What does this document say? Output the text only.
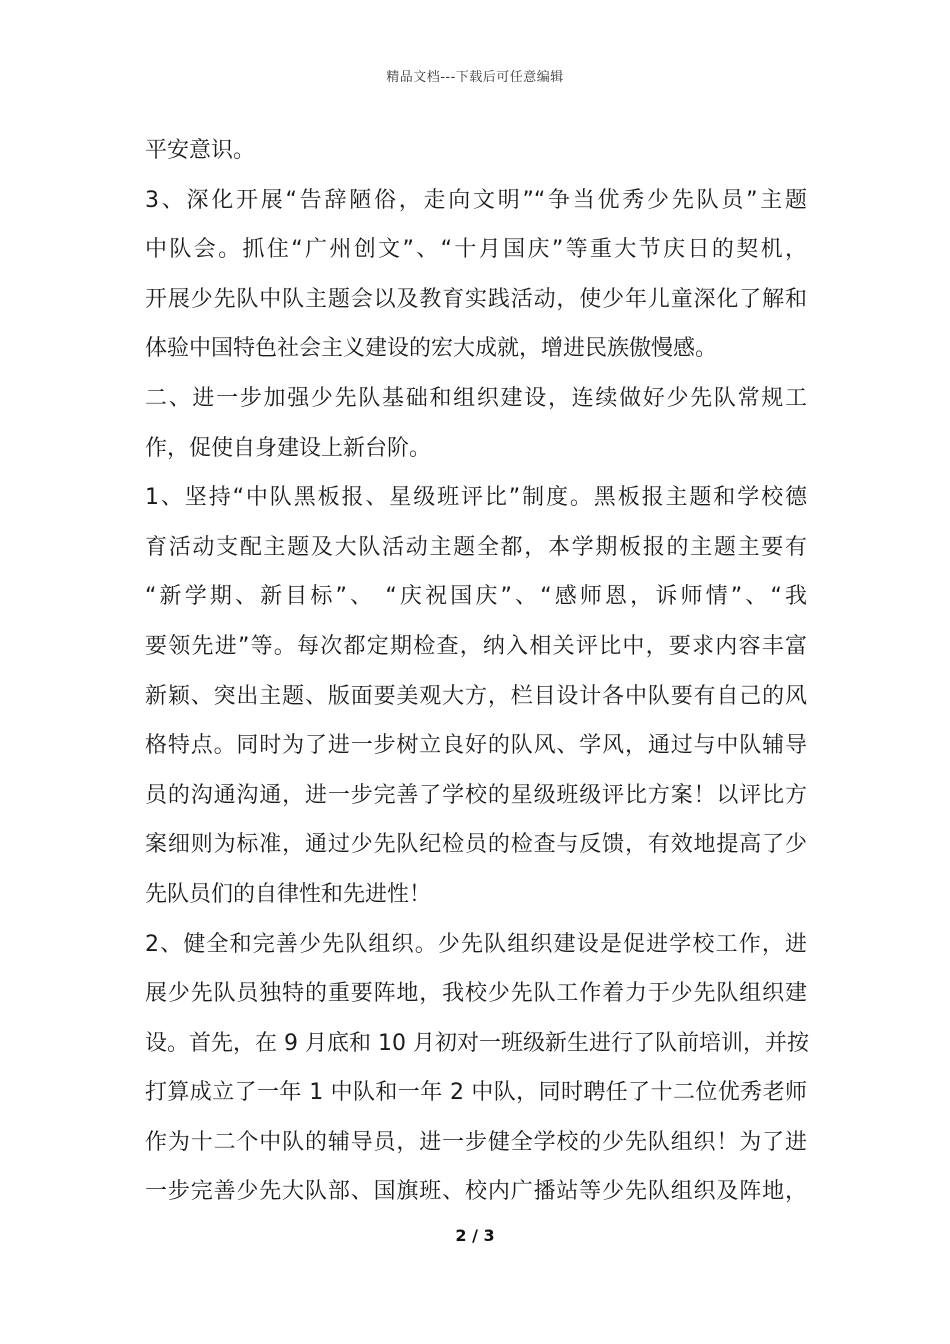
精品文档---下载后可任意编辑
平安意识。
3、深化开展“告辞陋俗，走向文明”“争当优秀少先队员”主题
中队会。抓住“广州创文”、“十月国庆”等重大节庆日的契机，
开展少先队中队主题会以及教育实践活动，使少年儿童深化了解和
体验中国特色社会主义建设的宏大成就，增进民族傲慢感。
二、进一步加强少先队基础和组织建设，连续做好少先队常规工
作，促使自身建设上新台阶。
1、坚持“中队黑板报、星级班评比”制度。黑板报主题和学校德
育活动支配主题及大队活动主题全都，本学期板报的主题主要有
“新学期、新目标”、 “庆祝国庆”、“感师恩，诉师情”、“我
要领先进”等。每次都定期检查，纳入相关评比中，要求内容丰富
新颖、突出主题、版面要美观大方，栏目设计各中队要有自己的风
格特点。同时为了进一步树立良好的队风、学风，通过与中队辅导
员的沟通沟通，进一步完善了学校的星级班级评比方案！以评比方
案细则为标准，通过少先队纪检员的检查与反馈，有效地提高了少
先队员们的自律性和先进性！
2、健全和完善少先队组织。少先队组织建设是促进学校工作，进
展少先队员独特的重要阵地，我校少先队工作着力于少先队组织建
设。首先，在 9 月底和 10 月初对一班级新生进行了队前培训，并按
打算成立了一年 1 中队和一年 2 中队，同时聘任了十二位优秀老师
作为十二个中队的辅导员，进一步健全学校的少先队组织！为了进
一步完善少先大队部、国旗班、校内广播站等少先队组织及阵地，
2 / 3
